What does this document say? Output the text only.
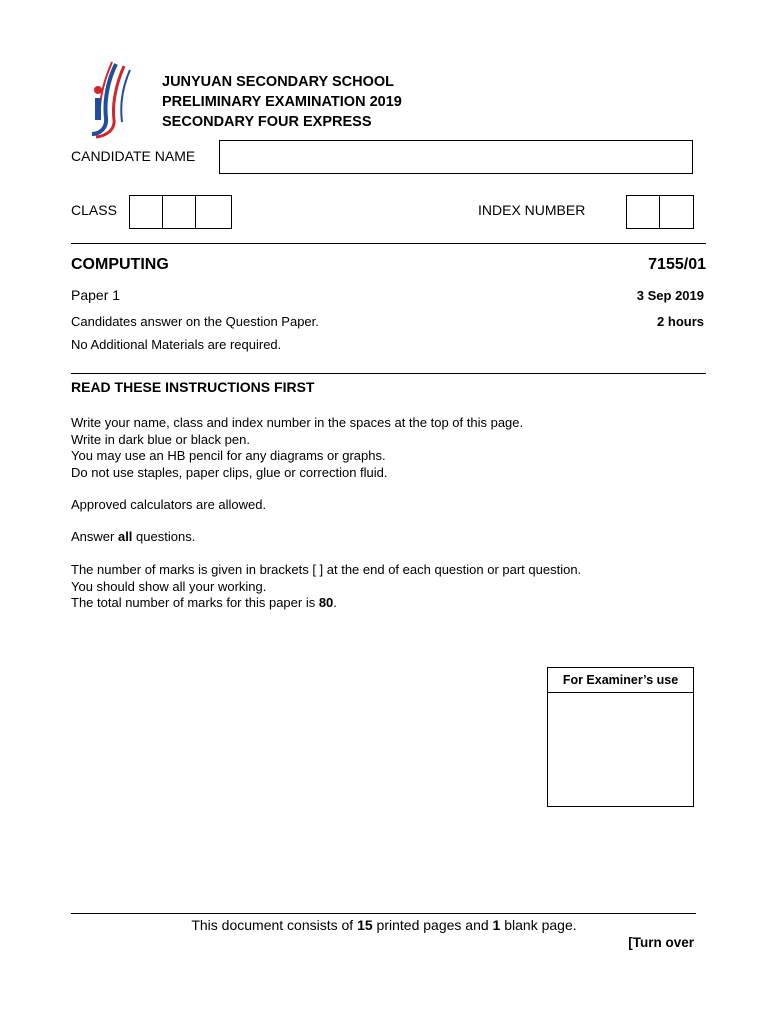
JUNYUAN SECONDARY SCHOOL
PRELIMINARY EXAMINATION 2019
SECONDARY FOUR EXPRESS
CANDIDATE NAME
CLASS	INDEX NUMBER
COMPUTING	7155/01
Paper 1	3 Sep 2019
Candidates answer on the Question Paper.	2 hours
No Additional Materials are required.
READ THESE INSTRUCTIONS FIRST

Write your name, class and index number in the spaces at the top of this page.

Write in dark blue or black pen.

You may use an HB pencil for any diagrams or graphs.

Do not use staples, paper clips, glue or correction fluid.

Approved calculators are allowed.

Answer all questions.

The number of marks is given in brackets [ ] at the end of each question or part question.

You should show all your working.

The total number of marks for this paper is 80.

For Examiner’s use
This document consists of 15 printed pages and 1 blank page.
[Turn over
